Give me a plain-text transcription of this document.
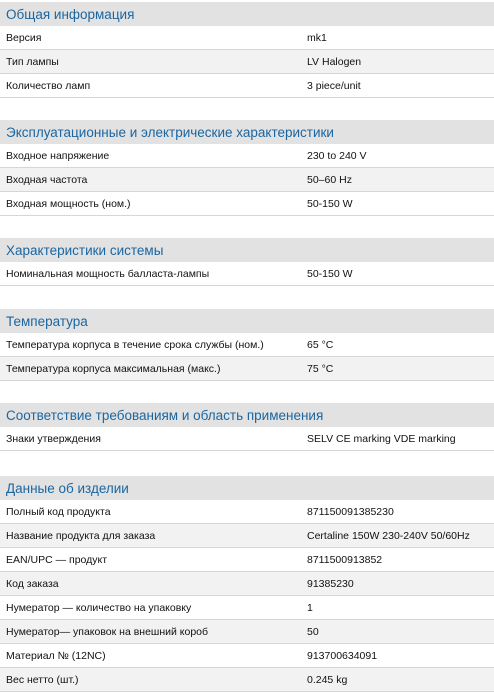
Общая информация
Версия	mk1
Тип лампы	LV Halogen
Количество ламп	3 piece/unit
Эксплуатационные и электрические характеристики
Входное напряжение	230 to 240 V
Входная частота	50–60 Hz
Входная мощность (ном.)	50-150 W
Характеристики системы
Номинальная мощность балласта-лампы	50-150 W
Температура
Температура корпуса в течение срока службы (ном.)	65 °C
Температура корпуса максимальная (макс.)	75 °C
Соответствие требованиям и область применения
Знаки утверждения	SELV CE marking VDE marking
Данные об изделии
Полный код продукта	871150091385230
Название продукта для заказа	Certaline 150W 230-240V 50/60Hz
EAN/UPC — продукт	8711500913852
Код заказа	91385230
Нумератор — количество на упаковку	1
Нумератор— упаковок на внешний короб	50
Материал № (12NC)	913700634091
Вес нетто (шт.)	0.245 kg
